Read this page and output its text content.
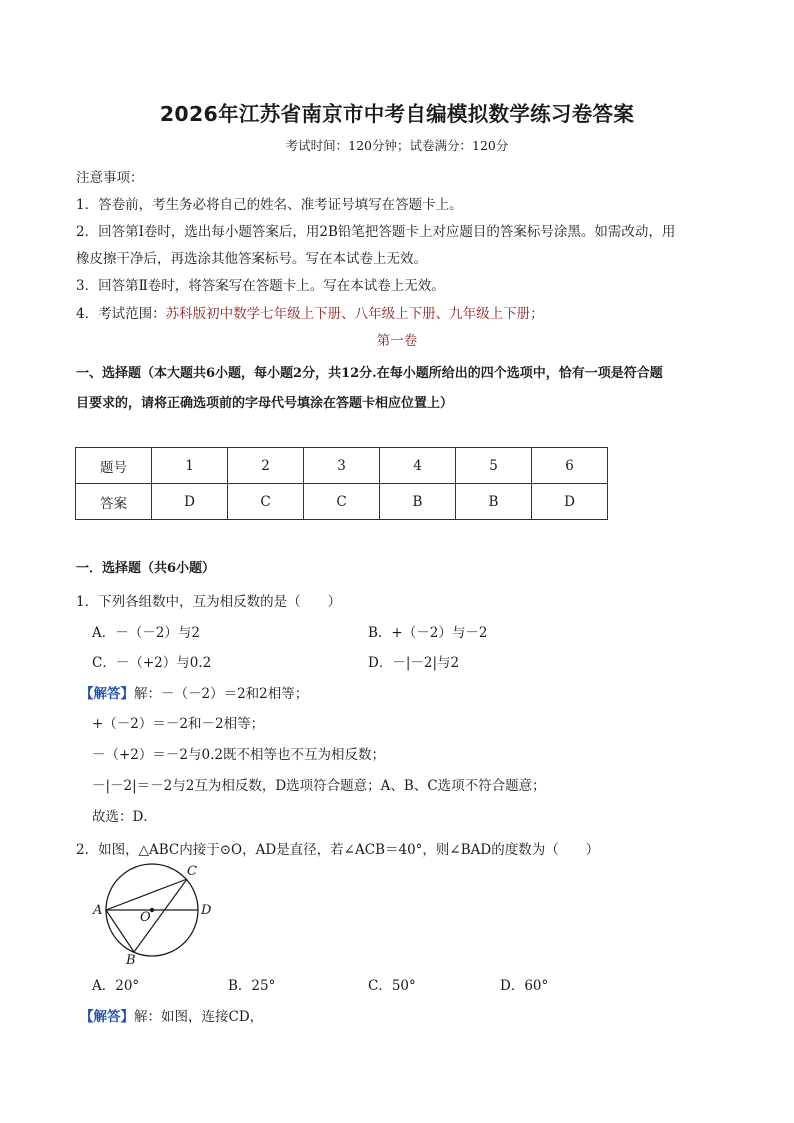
2026年江苏省南京市中考自编模拟数学练习卷答案
考试时间：120分钟；试卷满分：120分
注意事项：
1．答卷前，考生务必将自己的姓名、准考证号填写在答题卡上。
2．回答第Ⅰ卷时，选出每小题答案后，用2B铅笔把答题卡上对应题目的答案标号涂黑。如需改动，用
橡皮擦干净后，再选涂其他答案标号。写在本试卷上无效。
3．回答第Ⅱ卷时，将答案写在答题卡上。写在本试卷上无效。
4．考试范围：苏科版初中数学七年级上下册、八年级上下册、九年级上下册；
第一卷
一、选择题（本大题共6小题，每小题2分，共12分.在每小题所给出的四个选项中，恰有一项是符合题
目要求的，请将正确选项前的字母代号填涂在答题卡相应位置上）
题号	1	2	3	4	5	6
答案	D	C	C	B	B	D
一．选择题（共6小题）
1．下列各组数中，互为相反数的是（　　）
A．－（－2）与2	B．+（－2）与－2
C．－（+2）与0.2	D．－|－2|与2
【解答】解：－（－2）＝2和2相等；
+（－2）＝－2和－2相等；
－（+2）＝－2与0.2既不相等也不互为相反数；
－|－2|＝－2与2互为相反数，D选项符合题意；A、B、C选项不符合题意；
故选：D．
2．如图，△ABC内接于⊙O，AD是直径，若∠ACB＝40°，则∠BAD的度数为（　　）
A	D
C
B
O
A．20°	B．25°	C．50°	D．60°
【解答】解：如图，连接CD，
